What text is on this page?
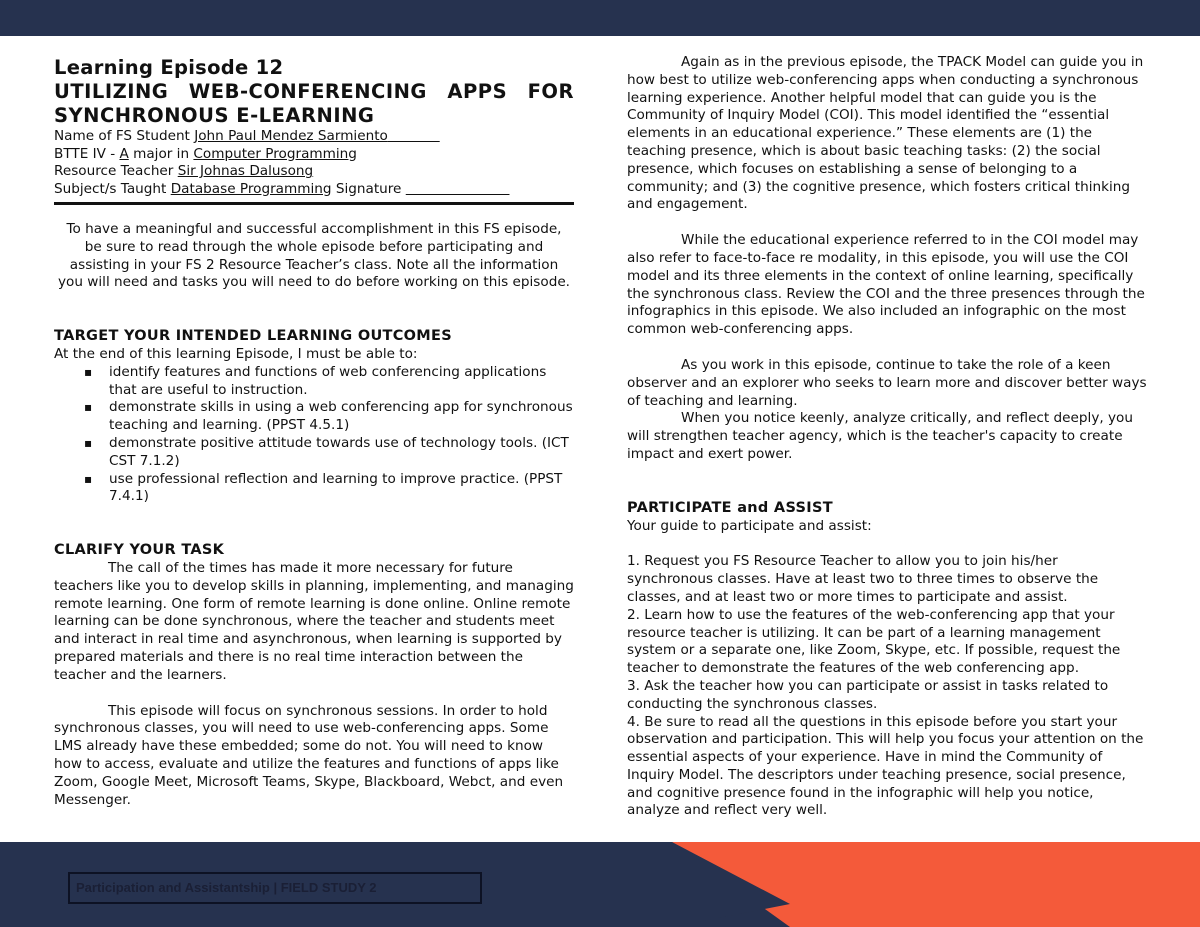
Learning Episode 12
UTILIZING WEB-CONFERENCING APPS FOR
SYNCHRONOUS E-LEARNING
Name of FS Student John Paul Mendez Sarmiento
BTTE IV - A major in Computer Programming
Resource Teacher Sir Johnas Dalusong
Subject/s Taught Database Programming Signature
To have a meaningful and successful accomplishment in this FS episode, be sure to read through the whole episode before participating and assisting in your FS 2 Resource Teacher’s class. Note all the information you will need and tasks you will need to do before working on this episode.
TARGET YOUR INTENDED LEARNING OUTCOMES
At the end of this learning Episode, I must be able to:
▪ identify features and functions of web conferencing applications that are useful to instruction.
▪ demonstrate skills in using a web conferencing app for synchronous teaching and learning. (PPST 4.5.1)
▪ demonstrate positive attitude towards use of technology tools. (ICT CST 7.1.2)
▪ use professional reflection and learning to improve practice. (PPST 7.4.1)
CLARIFY YOUR TASK

The call of the times has made it more necessary for future teachers like you to develop skills in planning, implementing, and managing remote learning. One form of remote learning is done online. Online remote learning can be done synchronous, where the teacher and students meet and interact in real time and asynchronous, when learning is supported by prepared materials and there is no real time interaction between the teacher and the learners.

This episode will focus on synchronous sessions. In order to hold synchronous classes, you will need to use web-conferencing apps. Some LMS already have these embedded; some do not. You will need to know how to access, evaluate and utilize the features and functions of apps like Zoom, Google Meet, Microsoft Teams, Skype, Blackboard, Webct, and even Messenger.

Again as in the previous episode, the TPACK Model can guide you in how best to utilize web-conferencing apps when conducting a synchronous learning experience. Another helpful model that can guide you is the Community of Inquiry Model (COI). This model identified the “essential elements in an educational experience.” These elements are (1) the teaching presence, which is about basic teaching tasks: (2) the social presence, which focuses on establishing a sense of belonging to a community; and (3) the cognitive presence, which fosters critical thinking and engagement.

While the educational experience referred to in the COI model may also refer to face-to-face re modality, in this episode, you will use the COI model and its three elements in the context of online learning, specifically the synchronous class. Review the COI and the three presences through the infographics in this episode. We also included an infographic on the most common web-conferencing apps.

As you work in this episode, continue to take the role of a keen observer and an explorer who seeks to learn more and discover better ways of teaching and learning.

When you notice keenly, analyze critically, and reflect deeply, you will strengthen teacher agency, which is the teacher's capacity to create impact and exert power.

PARTICIPATE and ASSIST
Your guide to participate and assist:

1. Request you FS Resource Teacher to allow you to join his/her synchronous classes. Have at least two to three times to observe the classes, and at least two or more times to participate and assist.

2. Learn how to use the features of the web-conferencing app that your resource teacher is utilizing. It can be part of a learning management system or a separate one, like Zoom, Skype, etc. If possible, request the teacher to demonstrate the features of the web conferencing app.

3. Ask the teacher how you can participate or assist in tasks related to conducting the synchronous classes.

4. Be sure to read all the questions in this episode before you start your observation and participation. This will help you focus your attention on the essential aspects of your experience. Have in mind the Community of Inquiry Model. The descriptors under teaching presence, social presence, and cognitive presence found in the infographic will help you notice, analyze and reflect very well.

Participation and Assistantship | FIELD STUDY 2
